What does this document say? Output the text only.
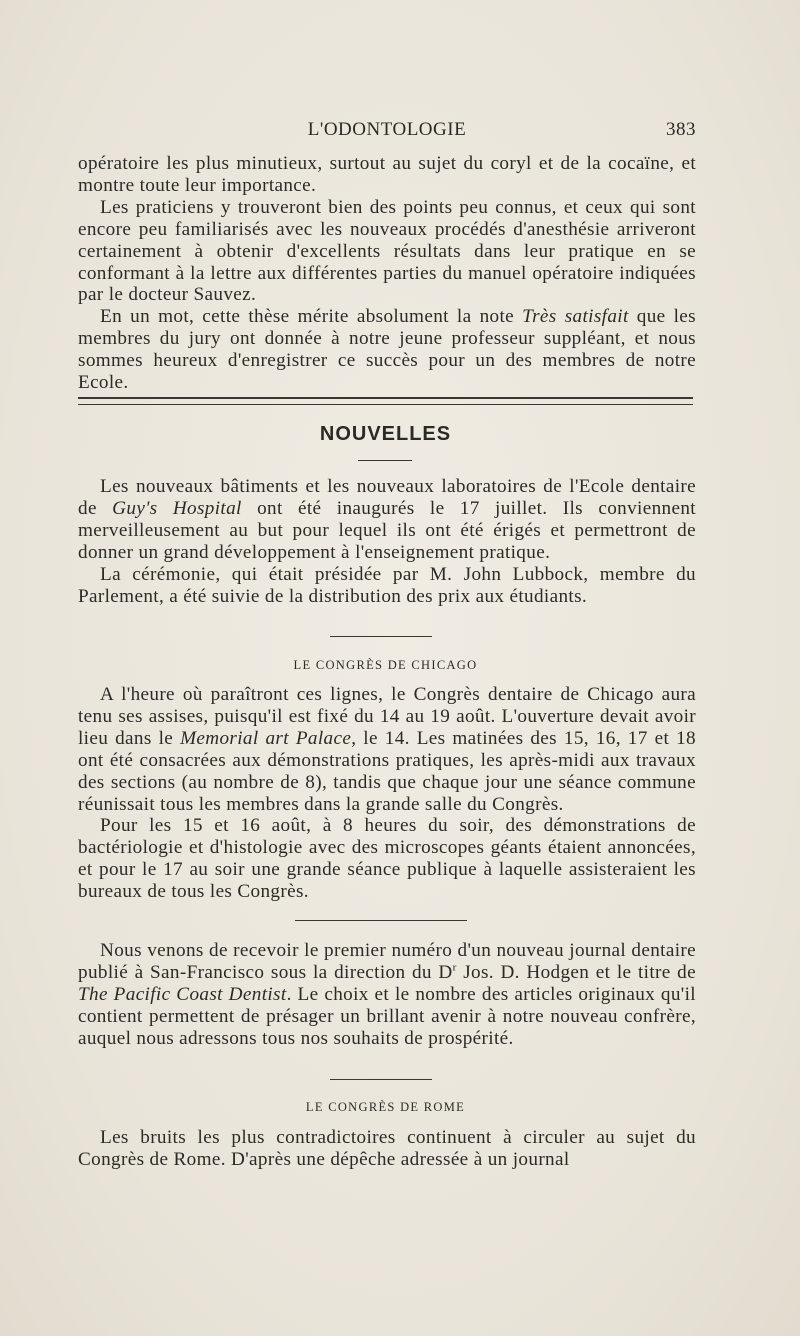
L'ODONTOLOGIE	383

opératoire les plus minutieux, surtout au sujet du coryl et de la cocaïne, et montre toute leur importance.

Les praticiens y trouveront bien des points peu connus, et ceux qui sont encore peu familiarisés avec les nouveaux procédés d'anesthésie arriveront certainement à obtenir d'excellents résultats dans leur pratique en se conformant à la lettre aux différentes parties du manuel opératoire indiquées par le docteur Sauvez.

En un mot, cette thèse mérite absolument la note Très satisfait que les membres du jury ont donnée à notre jeune professeur suppléant, et nous sommes heureux d'enregistrer ce succès pour un des membres de notre Ecole.

NOUVELLES

Les nouveaux bâtiments et les nouveaux laboratoires de l'Ecole dentaire de Guy's Hospital ont été inaugurés le 17 juillet. Ils conviennent merveilleusement au but pour lequel ils ont été érigés et permettront de donner un grand développement à l'enseignement pratique.

La cérémonie, qui était présidée par M. John Lubbock, membre du Parlement, a été suivie de la distribution des prix aux étudiants.

LE CONGRÈS DE CHICAGO

A l'heure où paraîtront ces lignes, le Congrès dentaire de Chicago aura tenu ses assises, puisqu'il est fixé du 14 au 19 août. L'ouverture devait avoir lieu dans le Memorial art Palace, le 14. Les matinées des 15, 16, 17 et 18 ont été consacrées aux démonstrations pratiques, les après-midi aux travaux des sections (au nombre de 8), tandis que chaque jour une séance commune réunissait tous les membres dans la grande salle du Congrès.

Pour les 15 et 16 août, à 8 heures du soir, des démonstrations de bactériologie et d'histologie avec des microscopes géants étaient annoncées, et pour le 17 au soir une grande séance publique à laquelle assisteraient les bureaux de tous les Congrès.

Nous venons de recevoir le premier numéro d'un nouveau journal dentaire publié à San-Francisco sous la direction du $D^r$ Jos. D. Hodgen et le titre de The Pacific Coast Dentist. Le choix et le nombre des articles originaux qu'il contient permettent de présager un brillant avenir à notre nouveau confrère, auquel nous adressons tous nos souhaits de prospérité.

LE CONGRÈS DE ROME

Les bruits les plus contradictoires continuent à circuler au sujet du Congrès de Rome. D'après une dépêche adressée à un journal
